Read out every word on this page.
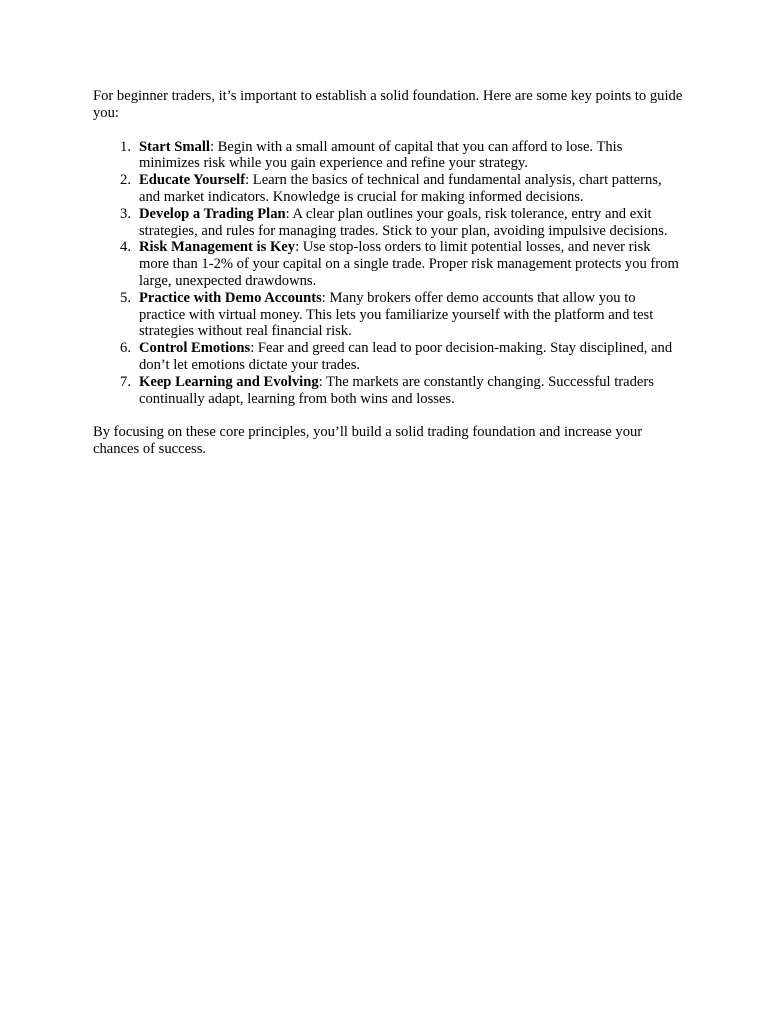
For beginner traders, it’s important to establish a solid foundation. Here are some key points to guide you:

1. Start Small: Begin with a small amount of capital that you can afford to lose. This minimizes risk while you gain experience and refine your strategy.
2. Educate Yourself: Learn the basics of technical and fundamental analysis, chart patterns, and market indicators. Knowledge is crucial for making informed decisions.
3. Develop a Trading Plan: A clear plan outlines your goals, risk tolerance, entry and exit strategies, and rules for managing trades. Stick to your plan, avoiding impulsive decisions.
4. Risk Management is Key: Use stop-loss orders to limit potential losses, and never risk more than 1-2% of your capital on a single trade. Proper risk management protects you from large, unexpected drawdowns.
5. Practice with Demo Accounts: Many brokers offer demo accounts that allow you to practice with virtual money. This lets you familiarize yourself with the platform and test strategies without real financial risk.
6. Control Emotions: Fear and greed can lead to poor decision-making. Stay disciplined, and don’t let emotions dictate your trades.
7. Keep Learning and Evolving: The markets are constantly changing. Successful traders continually adapt, learning from both wins and losses.

By focusing on these core principles, you’ll build a solid trading foundation and increase your chances of success.
